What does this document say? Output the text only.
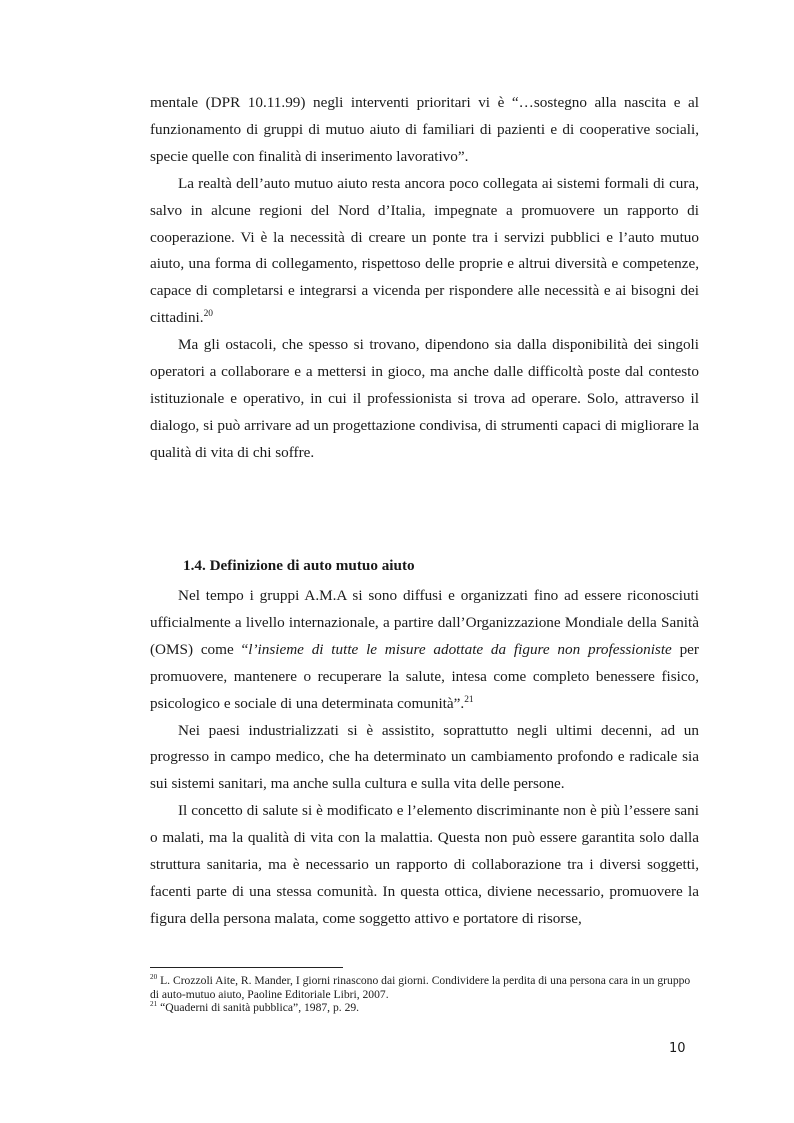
mentale (DPR 10.11.99) negli interventi prioritari vi è “…sostegno alla nascita e al funzionamento di gruppi di mutuo aiuto di familiari di pazienti e di cooperative sociali, specie quelle con finalità di inserimento lavorativo”.

La realtà dell’auto mutuo aiuto resta ancora poco collegata ai sistemi formali di cura, salvo in alcune regioni del Nord d’Italia, impegnate a promuovere un rapporto di cooperazione. Vi è la necessità di creare un ponte tra i servizi pubblici e l’auto mutuo aiuto, una forma di collegamento, rispettoso delle proprie e altrui diversità e competenze, capace di completarsi e integrarsi a vicenda per rispondere alle necessità e ai bisogni dei cittadini.$^{20}$

Ma gli ostacoli, che spesso si trovano, dipendono sia dalla disponibilità dei singoli operatori a collaborare e a mettersi in gioco, ma anche dalle difficoltà poste dal contesto istituzionale e operativo, in cui il professionista si trova ad operare. Solo, attraverso il dialogo, si può arrivare ad un progettazione condivisa, di strumenti capaci di migliorare la qualità di vita di chi soffre.

1.4. Definizione di auto mutuo aiuto

Nel tempo i gruppi A.M.A si sono diffusi e organizzati fino ad essere riconosciuti ufficialmente a livello internazionale, a partire dall’Organizzazione Mondiale della Sanità (OMS) come “l’insieme di tutte le misure adottate da figure non professioniste per promuovere, mantenere o recuperare la salute, intesa come completo benessere fisico, psicologico e sociale di una determinata comunità”.$^{21}$

Nei paesi industrializzati si è assistito, soprattutto negli ultimi decenni, ad un progresso in campo medico, che ha determinato un cambiamento profondo e radicale sia sui sistemi sanitari, ma anche sulla cultura e sulla vita delle persone.

Il concetto di salute si è modificato e l’elemento discriminante non è più l’essere sani o malati, ma la qualità di vita con la malattia. Questa non può essere garantita solo dalla struttura sanitaria, ma è necessario un rapporto di collaborazione tra i diversi soggetti, facenti parte di una stessa comunità. In questa ottica, diviene necessario, promuovere la figura della persona malata, come soggetto attivo e portatore di risorse,

$^{20}$ L. Crozzoli Aite, R. Mander, I giorni rinascono dai giorni. Condividere la perdita di una persona cara in un gruppo di auto-mutuo aiuto, Paoline Editoriale Libri, 2007.

$^{21}$ “Quaderni di sanità pubblica”, 1987, p. 29.

10
